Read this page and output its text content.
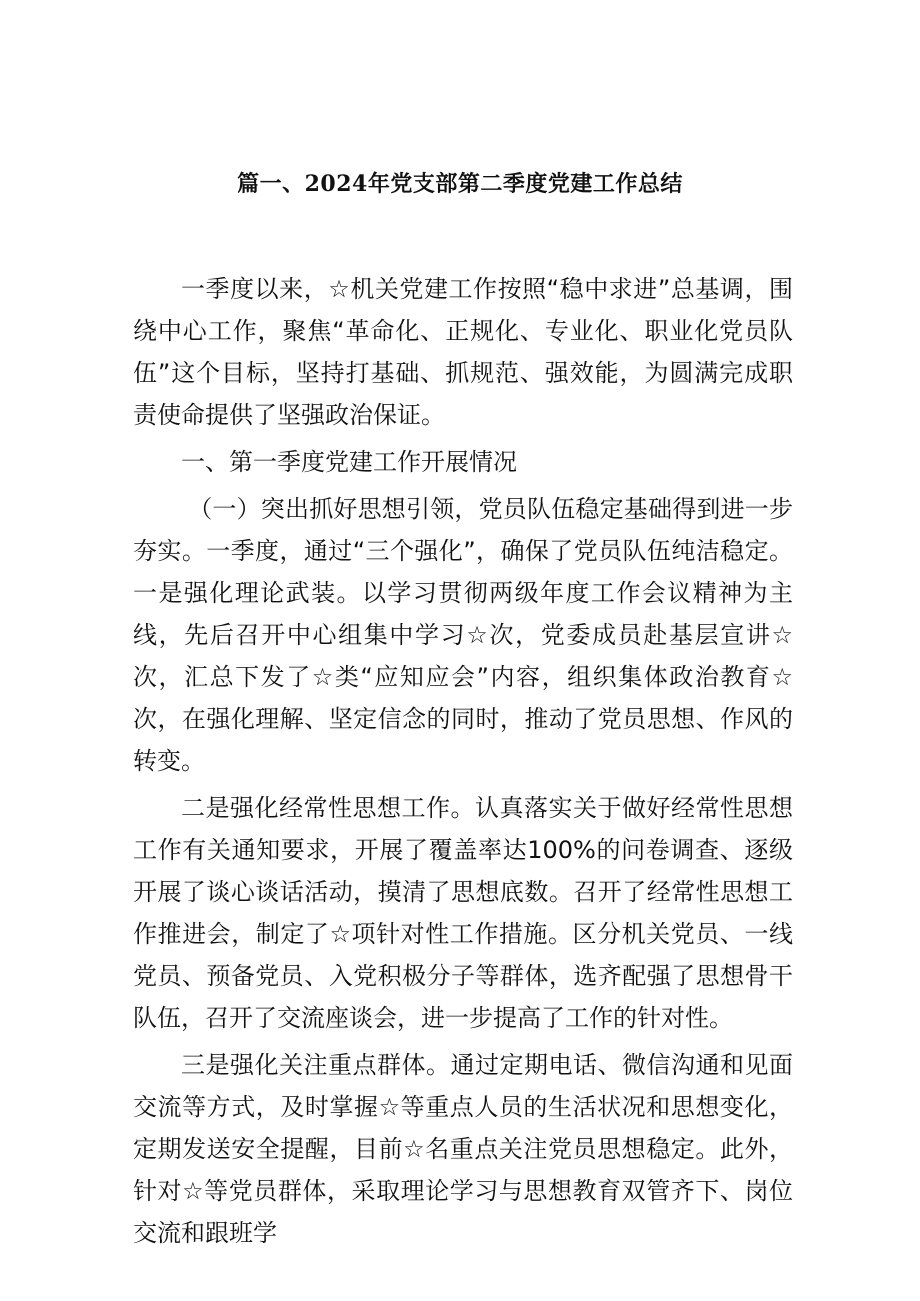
篇一、2024年党支部第二季度党建工作总结

一季度以来，☆机关党建工作按照“稳中求进”总基调，围绕中心工作，聚焦“革命化、正规化、专业化、职业化党员队伍”这个目标，坚持打基础、抓规范、强效能，为圆满完成职责使命提供了坚强政治保证。

一、第一季度党建工作开展情况

（一）突出抓好思想引领，党员队伍稳定基础得到进一步夯实。一季度，通过“三个强化”，确保了党员队伍纯洁稳定。一是强化理论武装。以学习贯彻两级年度工作会议精神为主线，先后召开中心组集中学习☆次，党委成员赴基层宣讲☆次，汇总下发了☆类“应知应会”内容，组织集体政治教育☆次，在强化理解、坚定信念的同时，推动了党员思想、作风的转变。

二是强化经常性思想工作。认真落实关于做好经常性思想工作有关通知要求，开展了覆盖率达100%的问卷调查、逐级开展了谈心谈话活动，摸清了思想底数。召开了经常性思想工作推进会，制定了☆项针对性工作措施。区分机关党员、一线党员、预备党员、入党积极分子等群体，选齐配强了思想骨干队伍，召开了交流座谈会，进一步提高了工作的针对性。

三是强化关注重点群体。通过定期电话、微信沟通和见面交流等方式，及时掌握☆等重点人员的生活状况和思想变化，定期发送安全提醒，目前☆名重点关注党员思想稳定。此外，针对☆等党员群体，采取理论学习与思想教育双管齐下、岗位交流和跟班学
